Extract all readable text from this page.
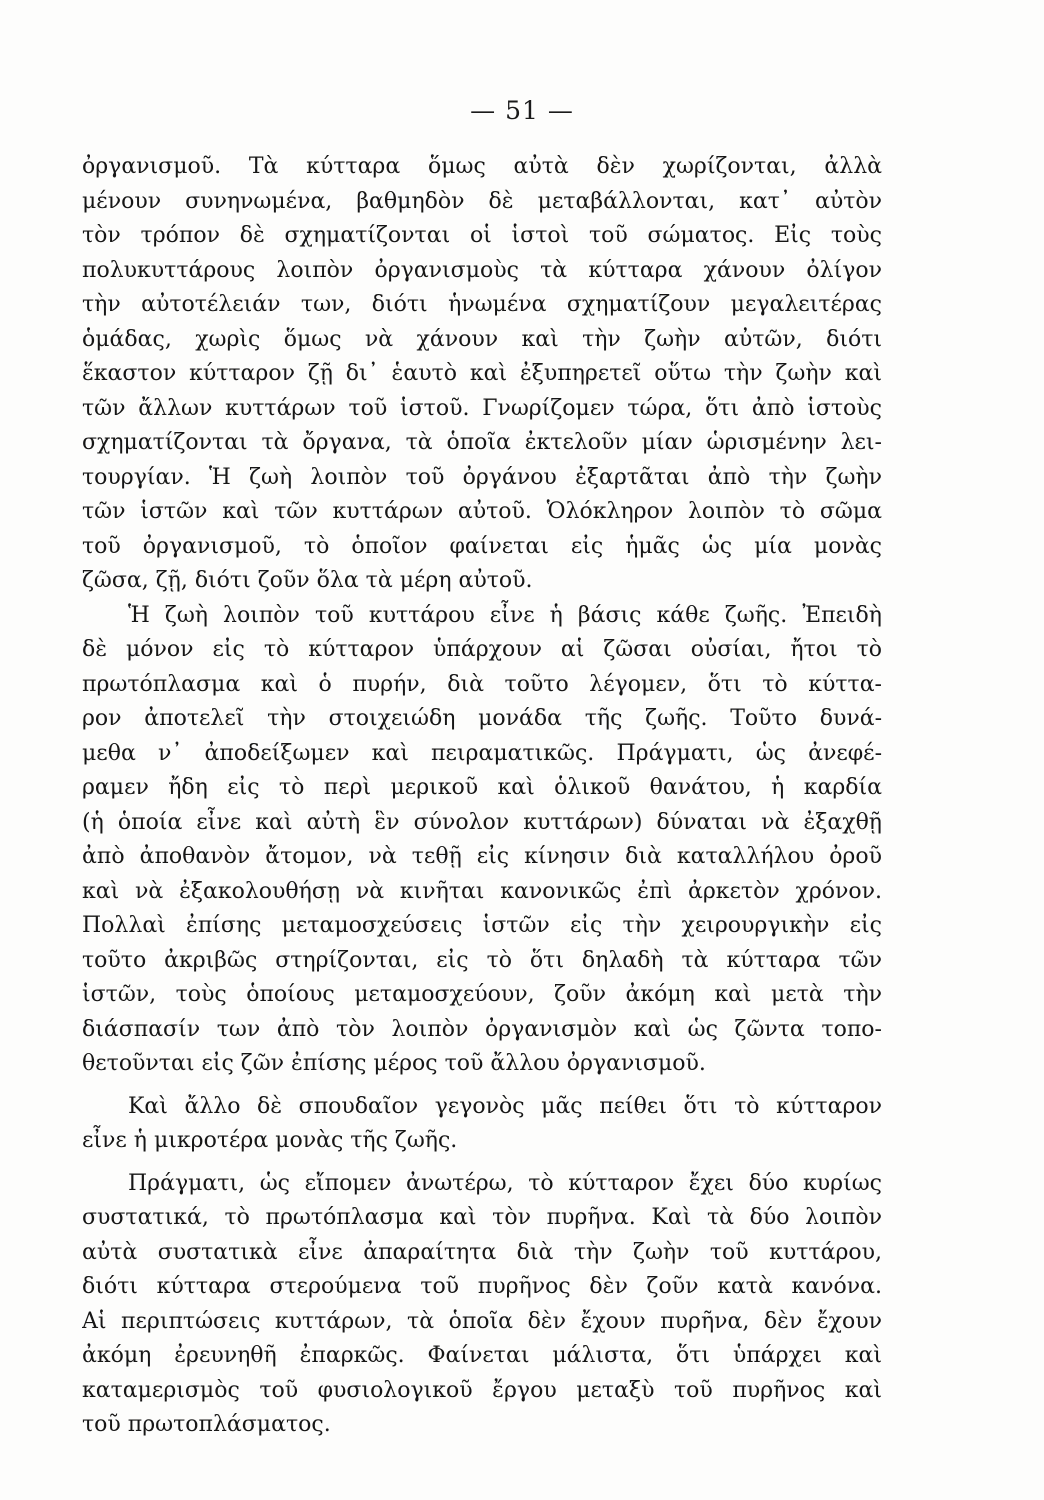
— 51 —
ὀργανισμοῦ. Τὰ κύτταρα ὅμως αὐτὰ δὲν χωρίζονται, ἀλλὰ
μένουν συνηνωμένα, βαθμηδὸν δὲ μεταβάλλονται, κατ᾿ αὐτὸν
τὸν τρόπον δὲ σχηματίζονται οἱ ἱστοὶ τοῦ σώματος. Εἰς τοὺς
πολυκυττάρους λοιπὸν ὀργανισμοὺς τὰ κύτταρα χάνουν ὀλίγον
τὴν αὐτοτέλειάν των, διότι ἡνωμένα σχηματίζουν μεγαλειτέρας
ὁμάδας, χωρὶς ὅμως νὰ χάνουν καὶ τὴν ζωὴν αὐτῶν, διότι
ἕκαστον κύτταρον ζῇ δι᾿ ἑαυτὸ καὶ ἐξυπηρετεῖ οὕτω τὴν ζωὴν καὶ
τῶν ἄλλων κυττάρων τοῦ ἱστοῦ. Γνωρίζομεν τώρα, ὅτι ἀπὸ ἱστοὺς
σχηματίζονται τὰ ὄργανα, τὰ ὁποῖα ἐκτελοῦν μίαν ὡρισμένην λει-
τουργίαν. Ἡ ζωὴ λοιπὸν τοῦ ὀργάνου ἐξαρτᾶται ἀπὸ τὴν ζωὴν
τῶν ἱστῶν καὶ τῶν κυττάρων αὐτοῦ. Ὁλόκληρον λοιπὸν τὸ σῶμα
τοῦ ὀργανισμοῦ, τὸ ὁποῖον φαίνεται εἰς ἡμᾶς ὡς μία μονὰς
ζῶσα, ζῇ, διότι ζοῦν ὅλα τὰ μέρη αὐτοῦ.
Ἡ ζωὴ λοιπὸν τοῦ κυττάρου εἶνε ἡ βάσις κάθε ζωῆς. Ἐπειδὴ
δὲ μόνον εἰς τὸ κύτταρον ὑπάρχουν αἱ ζῶσαι οὐσίαι, ἤτοι τὸ
πρωτόπλασμα καὶ ὁ πυρήν, διὰ τοῦτο λέγομεν, ὅτι τὸ κύττα-
ρον ἀποτελεῖ τὴν στοιχειώδη μονάδα τῆς ζωῆς. Τοῦτο δυνά-
μεθα ν᾿ ἀποδείξωμεν καὶ πειραματικῶς. Πράγματι, ὡς ἀνεφέ-
ραμεν ἤδη εἰς τὸ περὶ μερικοῦ καὶ ὁλικοῦ θανάτου, ἡ καρδία
(ἡ ὁποία εἶνε καὶ αὐτὴ ἓν σύνολον κυττάρων) δύναται νὰ ἐξαχθῇ
ἀπὸ ἀποθανὸν ἄτομον, νὰ τεθῇ εἰς κίνησιν διὰ καταλλήλου ὀροῦ
καὶ νὰ ἐξακολουθήσῃ νὰ κινῆται κανονικῶς ἐπὶ ἀρκετὸν χρόνον.
Πολλαὶ ἐπίσης μεταμοσχεύσεις ἱστῶν εἰς τὴν χειρουργικὴν εἰς
τοῦτο ἀκριβῶς στηρίζονται, εἰς τὸ ὅτι δηλαδὴ τὰ κύτταρα τῶν
ἱστῶν, τοὺς ὁποίους μεταμοσχεύουν, ζοῦν ἀκόμη καὶ μετὰ τὴν
διάσπασίν των ἀπὸ τὸν λοιπὸν ὀργανισμὸν καὶ ὡς ζῶντα τοπο-
θετοῦνται εἰς ζῶν ἐπίσης μέρος τοῦ ἄλλου ὀργανισμοῦ.
Καὶ ἄλλο δὲ σπουδαῖον γεγονὸς μᾶς πείθει ὅτι τὸ κύτταρον
εἶνε ἡ μικροτέρα μονὰς τῆς ζωῆς.
Πράγματι, ὡς εἴπομεν ἀνωτέρω, τὸ κύτταρον ἔχει δύο κυρίως
συστατικά, τὸ πρωτόπλασμα καὶ τὸν πυρῆνα. Καὶ τὰ δύο λοιπὸν
αὐτὰ συστατικὰ εἶνε ἀπαραίτητα διὰ τὴν ζωὴν τοῦ κυττάρου,
διότι κύτταρα στερούμενα τοῦ πυρῆνος δὲν ζοῦν κατὰ κανόνα.
Αἱ περιπτώσεις κυττάρων, τὰ ὁποῖα δὲν ἔχουν πυρῆνα, δὲν ἔχουν
ἀκόμη ἐρευνηθῆ ἐπαρκῶς. Φαίνεται μάλιστα, ὅτι ὑπάρχει καὶ
καταμερισμὸς τοῦ φυσιολογικοῦ ἔργου μεταξὺ τοῦ πυρῆνος καὶ
τοῦ πρωτοπλάσματος.
